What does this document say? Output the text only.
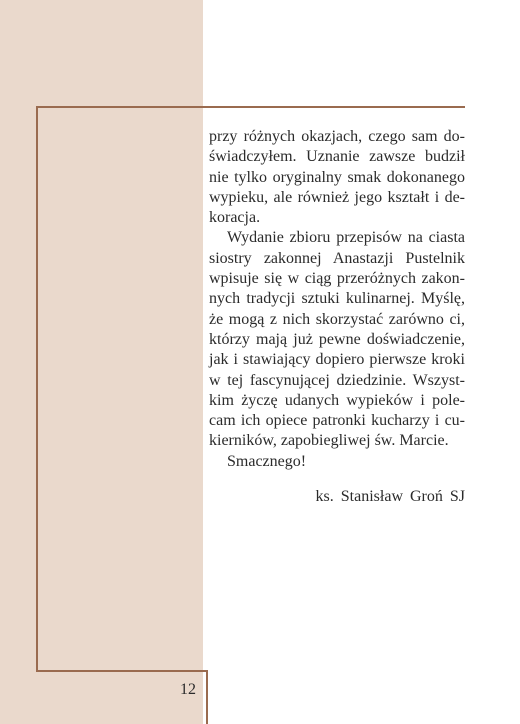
przy różnych okazjach, czego sam doświadczyłem. Uznanie zawsze budził nie tylko oryginalny smak dokonanego wypieku, ale również jego kształt i dekoracja.

Wydanie zbioru przepisów na ciasta siostry zakonnej Anastazji Pustelnik wpisuje się w ciąg przeróżnych zakonnych tradycji sztuki kulinarnej. Myślę, że mogą z nich skorzystać zarówno ci, którzy mają już pewne doświadczenie, jak i stawiający dopiero pierwsze kroki w tej fascynującej dziedzinie. Wszystkim życzę udanych wypieków i polecam ich opiece patronki kucharzy i cukierników, zapobiegliwej św. Marcie.

Smacznego!

ks. Stanisław Groń SJ
12
